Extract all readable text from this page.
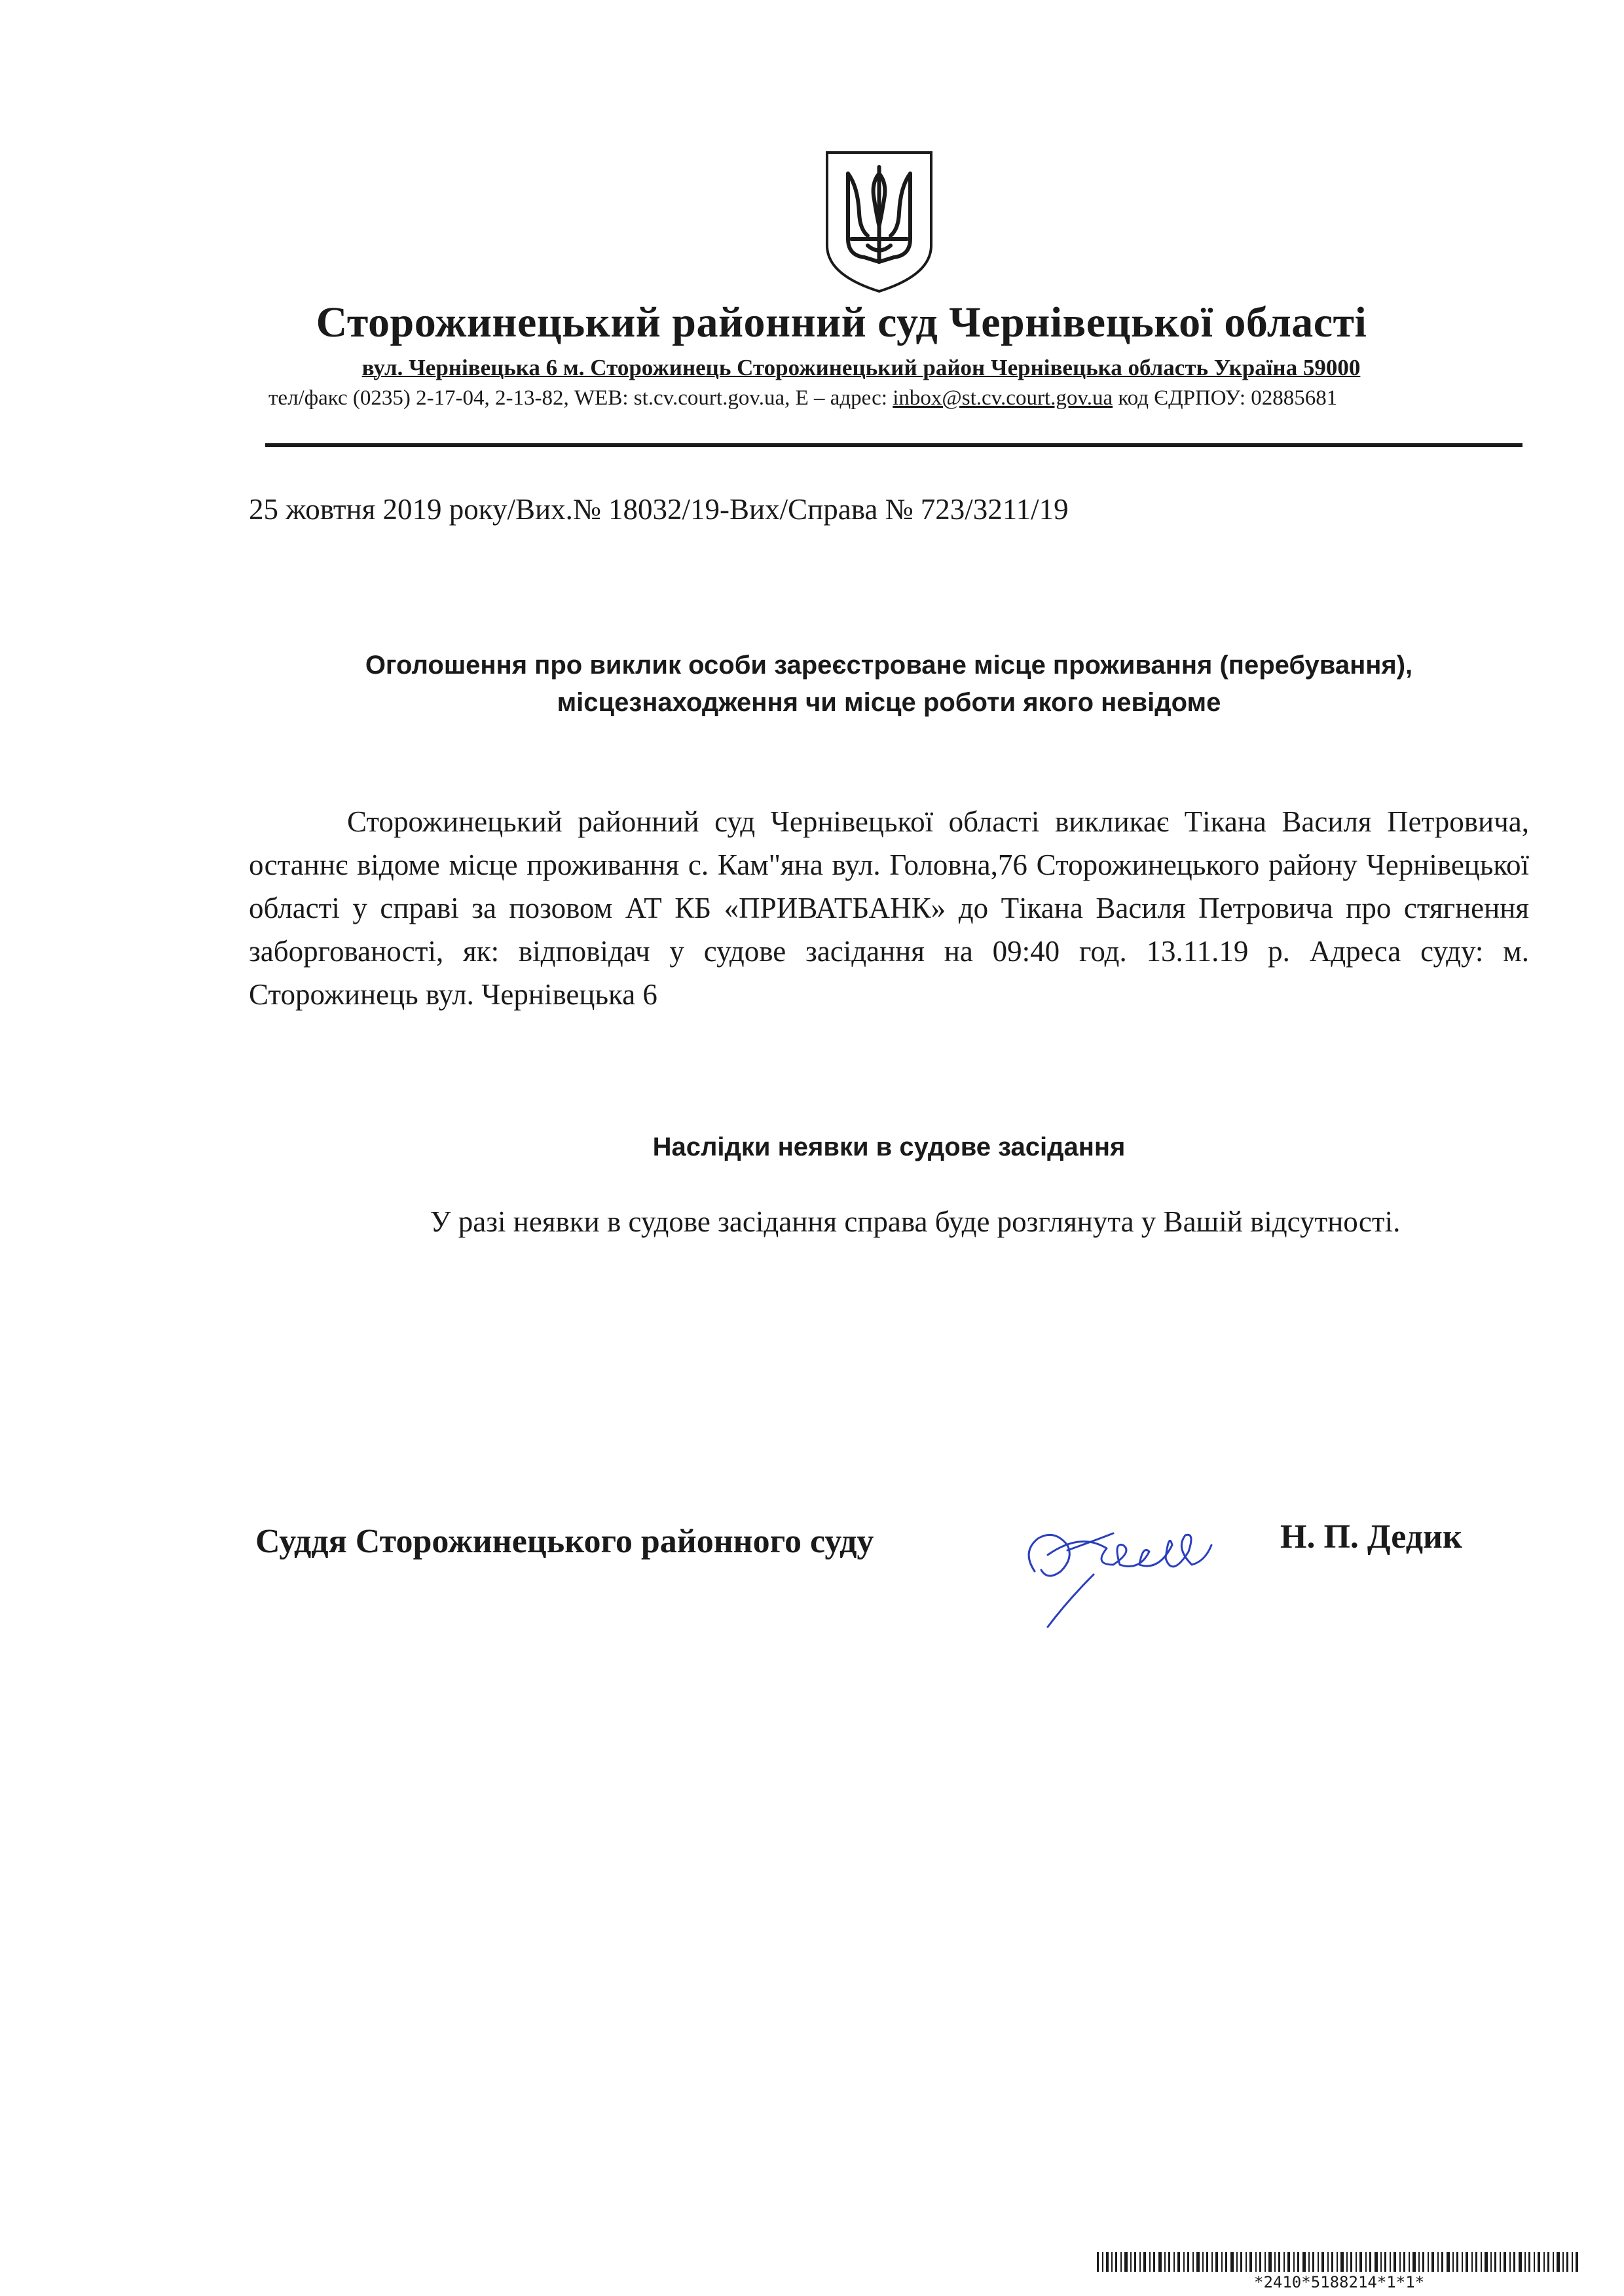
Сторожинецький районний суд Чернівецької області
вул. Чернівецька 6 м. Сторожинець Сторожинецький район Чернівецька область Україна 59000
тел/факс (0235) 2-17-04, 2-13-82, WEB: st.cv.court.gov.ua, E – адрес: inbox@st.cv.court.gov.ua код ЄДРПОУ: 02885681
25 жовтня 2019 року/Вих.№ 18032/19-Вих/Справа № 723/3211/19
Оголошення про виклик особи зареєстроване місце проживання (перебування),
місцезнаходження чи місце роботи якого невідоме
Сторожинецький районний суд Чернівецької області викликає Тікана Василя Петровича, останнє відоме місце проживання с. Кам"яна вул. Головна,76 Сторожинецького району Чернівецької області у справі за позовом АТ КБ «ПРИВАТБАНК» до Тікана Василя Петровича про стягнення заборгованості, як: відповідач у судове засідання на 09:40 год. 13.11.19 р. Адреса суду: м. Сторожинець вул. Чернівецька 6
Наслідки неявки в судове засідання
У разі неявки в судове засідання справа буде розглянута у Вашій відсутності.
Суддя Сторожинецького районного суду	Н. П. Дедик
*2410*5188214*1*1*
